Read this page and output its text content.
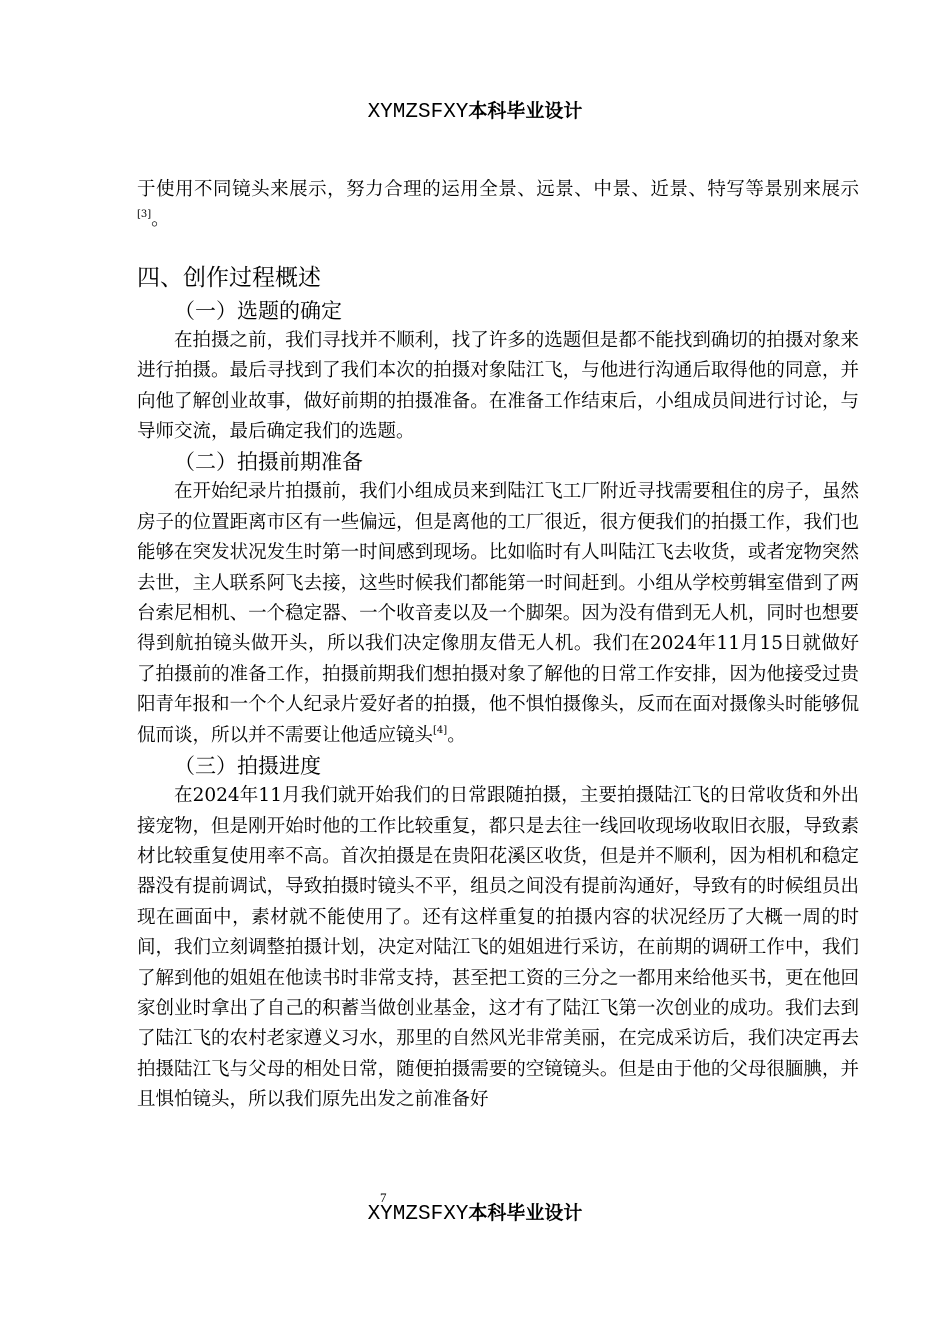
XYMZSFXY本科毕业设计

于使用不同镜头来展示，努力合理的运用全景、远景、中景、近景、特写等景别来展示[3]。

四、创作过程概述
（一）选题的确定

在拍摄之前，我们寻找并不顺利，找了许多的选题但是都不能找到确切的拍摄对象来进行拍摄。最后寻找到了我们本次的拍摄对象陆江飞，与他进行沟通后取得他的同意，并向他了解创业故事，做好前期的拍摄准备。在准备工作结束后，小组成员间进行讨论，与导师交流，最后确定我们的选题。

（二）拍摄前期准备

在开始纪录片拍摄前，我们小组成员来到陆江飞工厂附近寻找需要租住的房子，虽然房子的位置距离市区有一些偏远，但是离他的工厂很近，很方便我们的拍摄工作，我们也能够在突发状况发生时第一时间感到现场。比如临时有人叫陆江飞去收货，或者宠物突然去世，主人联系阿飞去接，这些时候我们都能第一时间赶到。小组从学校剪辑室借到了两台索尼相机、一个稳定器、一个收音麦以及一个脚架。因为没有借到无人机，同时也想要得到航拍镜头做开头，所以我们决定像朋友借无人机。我们在2024年11月15日就做好了拍摄前的准备工作，拍摄前期我们想拍摄对象了解他的日常工作安排，因为他接受过贵阳青年报和一个个人纪录片爱好者的拍摄，他不惧怕摄像头，反而在面对摄像头时能够侃侃而谈，所以并不需要让他适应镜头[4]。

（三）拍摄进度

在2024年11月我们就开始我们的日常跟随拍摄，主要拍摄陆江飞的日常收货和外出接宠物，但是刚开始时他的工作比较重复，都只是去往一线回收现场收取旧衣服，导致素材比较重复使用率不高。首次拍摄是在贵阳花溪区收货，但是并不顺利，因为相机和稳定器没有提前调试，导致拍摄时镜头不平，组员之间没有提前沟通好，导致有的时候组员出现在画面中，素材就不能使用了。还有这样重复的拍摄内容的状况经历了大概一周的时间，我们立刻调整拍摄计划，决定对陆江飞的姐姐进行采访，在前期的调研工作中，我们了解到他的姐姐在他读书时非常支持，甚至把工资的三分之一都用来给他买书，更在他回家创业时拿出了自己的积蓄当做创业基金，这才有了陆江飞第一次创业的成功。我们去到了陆江飞的农村老家遵义习水，那里的自然风光非常美丽，在完成采访后，我们决定再去拍摄陆江飞与父母的相处日常，随便拍摄需要的空镜镜头。但是由于他的父母很腼腆，并且惧怕镜头，所以我们原先出发之前准备好

7
XYMZSFXY本科毕业设计
